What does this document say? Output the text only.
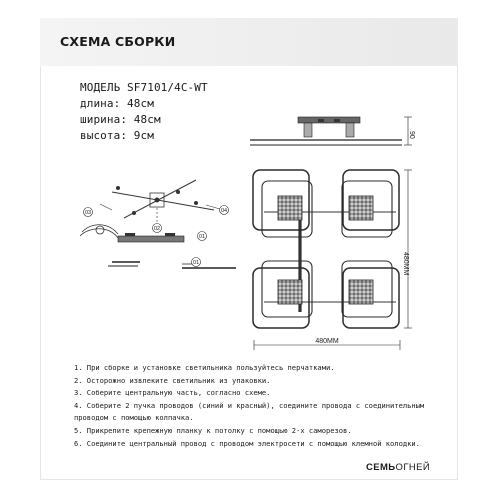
СХЕМА СБОРКИ
МОДЕЛЬ SF7101/4C-WT
длина: 48см
ширина: 48см
высота: 9см	90
03	04
02
01
01
480ММ
480ММ
1. При сборке и установке светильника пользуйтесь перчатками.
2. Осторожно извлеките светильник из упаковки.
3. Соберите центральную часть, согласно схеме.
4. Соберите 2 пучка проводов (синий и красный), соедините провода с соединительным
проводом с помощью колпачка.
5. Прикрепите крепежную планку к потолку с помощью 2-х саморезов.
6. Соедините центральный провод с проводом электросети с помощью клемной колодки.
СЕМЬОГНЕЙ
